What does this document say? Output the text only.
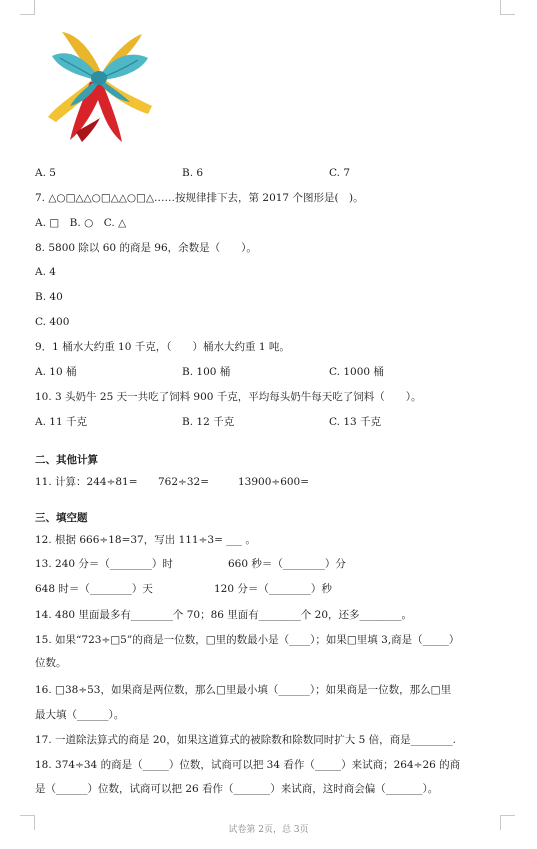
A. 5	B. 6	C. 7
7. △○□△△○□△△○□△……按规律排下去，第 2017 个图形是(　)。
A. □　B. ○　C. △
8. 5800 除以 60 的商是 96，余数是（　　）。
A. 4
B. 40
C. 400
9．1 桶水大约重 10 千克，（　　）桶水大约重 1 吨。
A. 10 桶	B. 100 桶	C. 1000 桶
10. 3 头奶牛 25 天一共吃了饲料 900 千克，平均每头奶牛每天吃了饲料（　　）。
A. 11 千克	B. 12 千克	C. 13 千克
二、其他计算
11. 计算：244÷81= 762÷32=	13900÷600=
三、填空题
12. 根据 666÷18=37，写出 111÷3= ___ 。
13. 240 分＝（________）时	660 秒＝（________）分
648 时＝（________）天	120 分＝（________）秒
14. 480 里面最多有________个 70；86 里面有________个 20，还多________。
15. 如果“723÷□5”的商是一位数，□里的数最小是（____）；如果□里填 3,商是（_____）
位数。
16. □38÷53，如果商是两位数，那么□里最小填（______）；如果商是一位数，那么□里
最大填（______）。
17. 一道除法算式的商是 20，如果这道算式的被除数和除数同时扩大 5 倍，商是________.
18. 374÷34 的商是（_____）位数，试商可以把 34 看作（_____）来试商；264÷26 的商
是（______）位数，试商可以把 26 看作（_______）来试商，这时商会偏（_______）。
试卷第 2页，总 3页
